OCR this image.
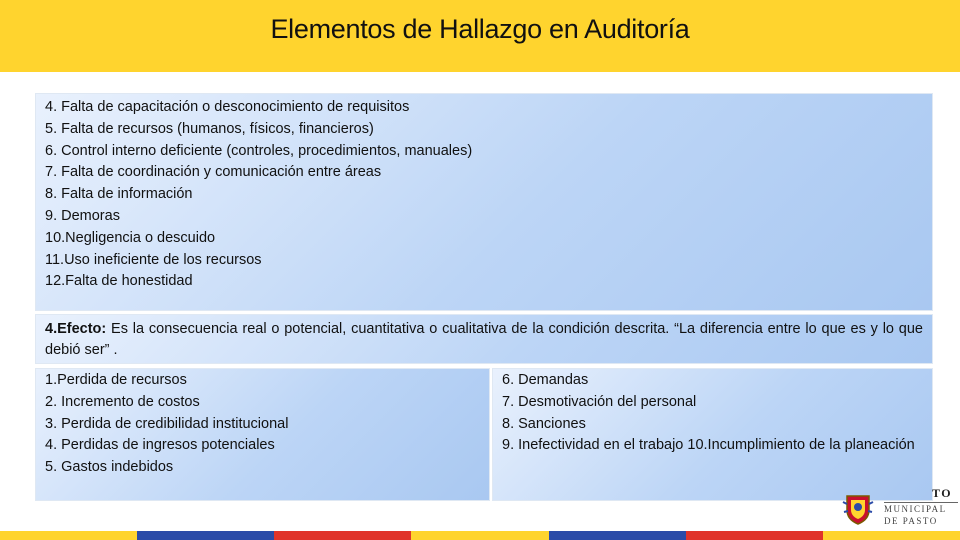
Elementos de Hallazgo en Auditoría
4. Falta de capacitación o desconocimiento de requisitos
5. Falta de recursos (humanos, físicos, financieros)
6. Control interno deficiente (controles, procedimientos, manuales)
7. Falta de coordinación y comunicación entre áreas
8. Falta de información
9. Demoras
10.Negligencia o descuido
11.Uso ineficiente de los recursos
12.Falta de honestidad
4.Efecto: Es la consecuencia real o potencial, cuantitativa o cualitativa de la condición descrita. “La diferencia entre lo que es y lo que debió ser” .
1.Perdida de recursos
2. Incremento de costos
3. Perdida de credibilidad institucional
4. Perdidas de ingresos potenciales
5. Gastos indebidos
6. Demandas
7. Desmotivación del personal
8. Sanciones
9. Inefectividad en el trabajo 10.Incumplimiento de la planeación
TO
MUNICIPAL
DE PASTO
